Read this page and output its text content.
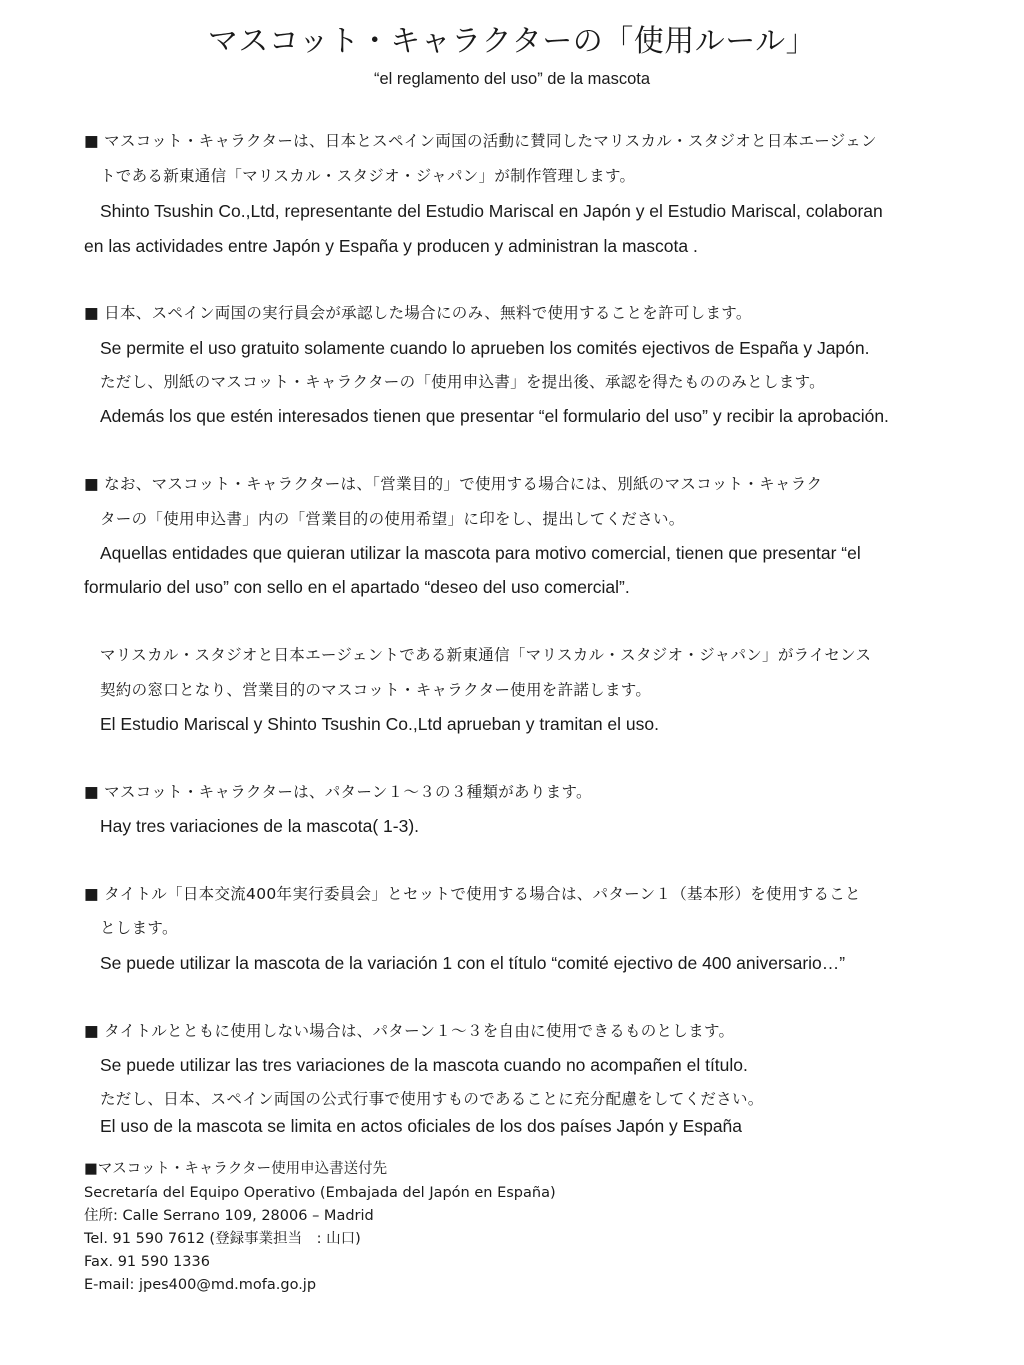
マスコット・キャラクターの「使用ルール」
“el reglamento del uso” de la mascota
■ マスコット・キャラクターは、日本とスペイン両国の活動に賛同したマリスカル・スタジオと日本エージェン
トである新東通信「マリスカル・スタジオ・ジャパン」が制作管理します。
Shinto Tsushin Co.,Ltd, representante del Estudio Mariscal en Japón y el Estudio Mariscal, colaboran
en las actividades entre Japón y España y producen y administran la mascota .
■ 日本、スペイン両国の実行員会が承認した場合にのみ、無料で使用することを許可します。
Se permite el uso gratuito solamente cuando lo aprueben los comités ejectivos de España y Japón.
ただし、別紙のマスコット・キャラクターの「使用申込書」を提出後、承認を得たもののみとします。
Además los que estén interesados tienen que presentar “el formulario del uso” y recibir la aprobación.
■ なお、マスコット・キャラクターは、「営業目的」で使用する場合には、別紙のマスコット・キャラク
ターの「使用申込書」内の「営業目的の使用希望」に印をし、提出してください。
Aquellas entidades que quieran utilizar la mascota para motivo comercial, tienen que presentar “el
formulario del uso” con sello en el apartado “deseo del uso comercial”.
マリスカル・スタジオと日本エージェントである新東通信「マリスカル・スタジオ・ジャパン」がライセンス
契約の窓口となり、営業目的のマスコット・キャラクター使用を許諾します。
El Estudio Mariscal y Shinto Tsushin Co.,Ltd aprueban y tramitan el uso.
■ マスコット・キャラクターは、パターン１～３の３種類があります。
Hay tres variaciones de la mascota( 1-3).
■ タイトル「日本交流400年実行委員会」とセットで使用する場合は、パターン１（基本形）を使用すること
とします。
Se puede utilizar la mascota de la variación 1 con el título “comité ejectivo de 400 aniversario…”
■ タイトルとともに使用しない場合は、パターン１～３を自由に使用できるものとします。
Se puede utilizar las tres variaciones de la mascota cuando no acompañen el título.
ただし、日本、スペイン両国の公式行事で使用すものであることに充分配慮をしてください。
El uso de la mascota se limita en actos oficiales de los dos países Japón y España
■マスコット・キャラクター使用申込書送付先
Secretaría del Equipo Operativo (Embajada del Japón en España)
住所: Calle Serrano 109, 28006 – Madrid
Tel. 91 590 7612 (登録事業担当　: 山口)
Fax. 91 590 1336
E-mail: jpes400@md.mofa.go.jp
